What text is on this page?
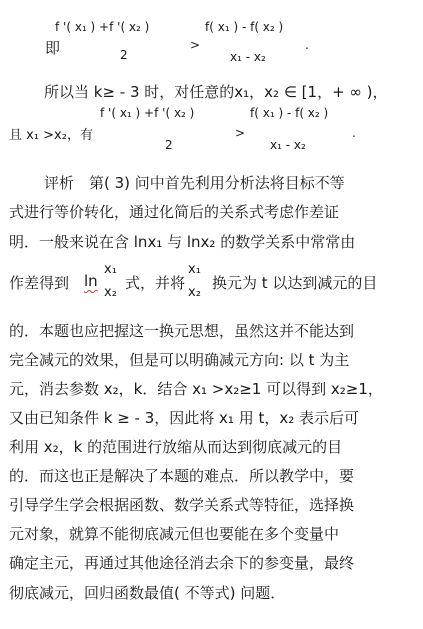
f '( x₁ ) +f '( x₂ )
即	2
>
f( x₁ ) - f( x₂ )
x₁ - x₂
.
所以当 k≥ - 3 时，对任意的x₁，x₂ ∈ [1，+ ∞ )，
f '( x₁ ) +f '( x₂ )
且 x₁ >x₂，有
2
>
f( x₁ ) - f( x₂ )
x₁ - x₂
.
评析　第( 3) 问中首先利用分析法将目标不等
式进行等价转化，通过化简后的关系式考虑作差证
明．一般来说在含 lnx₁ 与 lnx₂ 的数学关系中常常由
作差得到 ln
x₁
x₂
式，并将
x₁
x₂
换元为 t 以达到减元的目
的．本题也应把握这一换元思想，虽然这并不能达到
完全减元的效果，但是可以明确减元方向: 以 t 为主
元，消去参数 x₂，k．结合 x₁ >x₂≥1 可以得到 x₂≥1，
又由已知条件 k ≥ - 3，因此将 x₁ 用 t，x₂ 表示后可
利用 x₂，k 的范围进行放缩从而达到彻底减元的目
的．而这也正是解决了本题的难点．所以教学中，要
引导学生学会根据函数、数学关系式等特征，选择换
元对象，就算不能彻底减元但也要能在多个变量中
确定主元，再通过其他途径消去余下的参变量，最终
彻底减元，回归函数最值( 不等式) 问题．
